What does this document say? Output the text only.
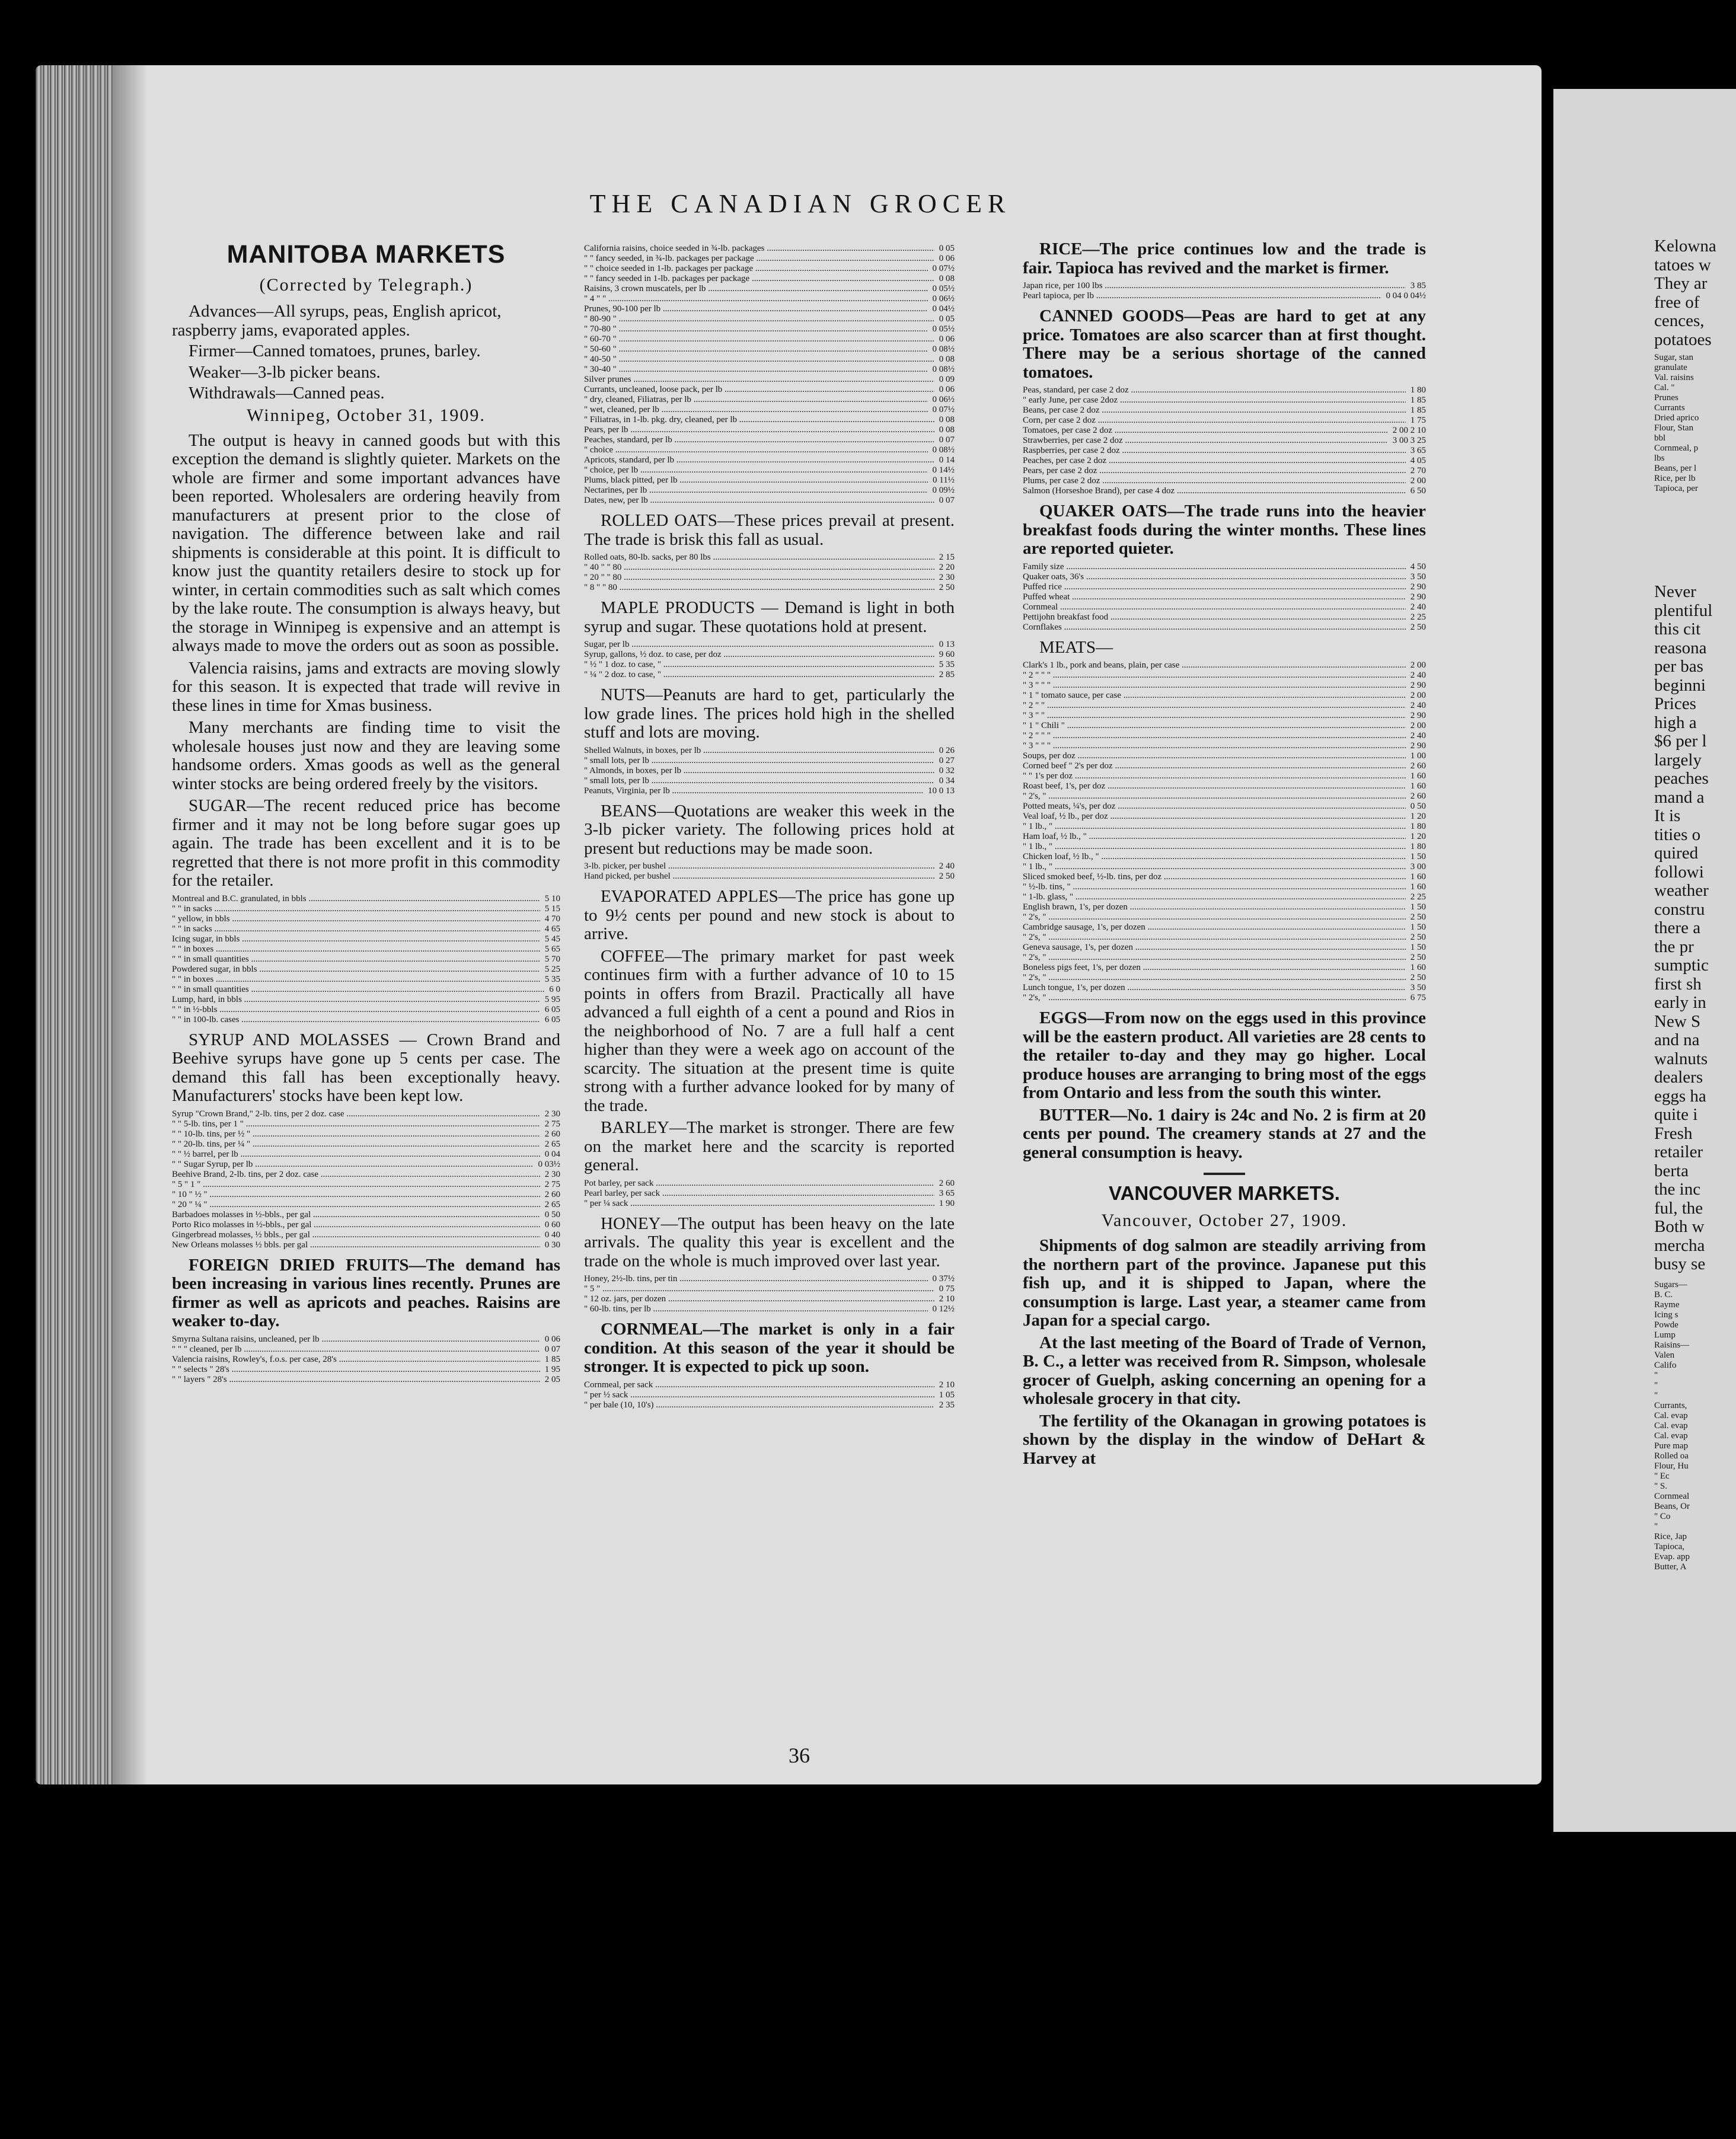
THE CANADIAN GROCER
MANITOBA MARKETS
(Corrected by Telegraph.)
Advances—All syrups, peas, English apricot, raspberry jams, evaporated apples.
Firmer—Canned tomatoes, prunes, barley.
Weaker—3-lb picker beans.
Withdrawals—Canned peas.
Winnipeg, October 31, 1909.
The output is heavy in canned goods but with this exception the demand is slightly quieter. Markets on the whole are firmer and some important advances have been reported. Wholesalers are ordering heavily from manufacturers at present prior to the close of navigation. The difference between lake and rail shipments is considerable at this point. It is difficult to know just the quantity retailers desire to stock up for winter, in certain commodities such as salt which comes by the lake route. The consumption is always heavy, but the storage in Winnipeg is expensive and an attempt is always made to move the orders out as soon as possible.
Valencia raisins, jams and extracts are moving slowly for this season. It is expected that trade will revive in these lines in time for Xmas business.
Many merchants are finding time to visit the wholesale houses just now and they are leaving some handsome orders. Xmas goods as well as the general winter stocks are being ordered freely by the visitors.
SUGAR—The recent reduced price has become firmer and it may not be long before sugar goes up again. The trade has been excellent and it is to be regretted that there is not more profit in this commodity for the retailer.
Montreal and B.C. granulated, in bbls .....	5 10
" " in sacks .....	5 15
" yellow, in bbls .....	4 70
" " in sacks .....	4 65
Icing sugar, in bbls .....	5 45
" " in boxes .....	5 65
" " in small quantities .....	5 70
Powdered sugar, in bbls .....	5 25
" " in boxes .....	5 35
" " in small quantities .....	6 0
Lump, hard, in bbls .....	5 95
" " in ½-bbls .....	6 05
" " in 100-lb. cases .....	6 05
SYRUP AND MOLASSES — Crown Brand and Beehive syrups have gone up 5 cents per case. The demand this fall has been exceptionally heavy. Manufacturers' stocks have been kept low.
Syrup "Crown Brand," 2-lb. tins, per 2 doz. case .....	2 30
" " 5-lb. tins, per 1 " .....	2 75
" " 10-lb. tins, per ½ " .....	2 60
" " 20-lb. tins, per ¼ " .....	2 65
" " ½ barrel, per lb .....	0 04
" " Sugar Syrup, per lb .....	0 03½
Beehive Brand, 2-lb. tins, per 2 doz. case .....	2 30
" 5 " 1 " .....	2 75
" 10 " ½ " .....	2 60
" 20 " ¼ " .....	2 65
Barbadoes molasses in ½-bbls., per gal .....	0 50
Porto Rico molasses in ½-bbls., per gal .....	0 60
Gingerbread molasses, ½ bbls., per gal .....	0 40
New Orleans molasses ½ bbls. per gal .....	0 30
FOREIGN DRIED FRUITS—The demand has been increasing in various lines recently. Prunes are firmer as well as apricots and peaches. Raisins are weaker to-day.
Smyrna Sultana raisins, uncleaned, per lb .....	0 06
" " " cleaned, per lb .....	0 07
Valencia raisins, Rowley's, f.o.s. per case, 28's .....	1 85
" " selects " 28's .....	1 95
" " layers " 28's .....	2 05
California raisins, choice seeded in ¾-lb. packages .....	0 05
" " fancy seeded, in ¾-lb. packages per package .....	0 06
" " choice seeded in 1-lb. packages per package .....	0 07½
" " fancy seeded in 1-lb. packages per package .....	0 08
Raisins, 3 crown muscatels, per lb .....	0 05½
" 4 " " .....	0 06½
Prunes, 90-100 per lb .....	0 04½
" 80-90 " .....	0 05
" 70-80 " .....	0 05½
" 60-70 " .....	0 06
" 50-60 " .....	0 08½
" 40-50 " .....	0 08
" 30-40 " .....	0 08½
Silver prunes .....	0 09
Currants, uncleaned, loose pack, per lb .....	0 06
" dry, cleaned, Filiatras, per lb .....	0 06½
" wet, cleaned, per lb .....	0 07½
" Filiatras, in 1-lb. pkg. dry, cleaned, per lb .....	0 08
Pears, per lb .....	0 08
Peaches, standard, per lb .....	0 07
" choice .....	0 08½
Apricots, standard, per lb .....	0 14
" choice, per lb .....	0 14½
Plums, black pitted, per lb .....	0 11½
Nectarines, per lb .....	0 09½
Dates, new, per lb .....	0 07
ROLLED OATS—These prices prevail at present. The trade is brisk this fall as usual.
Rolled oats, 80-lb. sacks, per 80 lbs .....	2 15
" 40 " " 80 .....	2 20
" 20 " " 80 .....	2 30
" 8 " " 80 .....	2 50
MAPLE PRODUCTS — Demand is light in both syrup and sugar. These quotations hold at present.
Sugar, per lb .....	0 13
Syrup, gallons, ½ doz. to case, per doz .....	9 60
" ½ " 1 doz. to case, " .....	5 35
" ¼ " 2 doz. to case, " .....	2 85
NUTS—Peanuts are hard to get, particularly the low grade lines. The prices hold high in the shelled stuff and lots are moving.
Shelled Walnuts, in boxes, per lb .....	0 26
" small lots, per lb .....	0 27
" Almonds, in boxes, per lb .....	0 32
" small lots, per lb .....	0 34
Peanuts, Virginia, per lb .....	10 0 13
BEANS—Quotations are weaker this week in the 3-lb picker variety. The following prices hold at present but reductions may be made soon.
3-lb. picker, per bushel .....	2 40
Hand picked, per bushel .....	2 50
EVAPORATED APPLES—The price has gone up to 9½ cents per pound and new stock is about to arrive.
COFFEE—The primary market for past week continues firm with a further advance of 10 to 15 points in offers from Brazil. Practically all have advanced a full eighth of a cent a pound and Rios in the neighborhood of No. 7 are a full half a cent higher than they were a week ago on account of the scarcity. The situation at the present time is quite strong with a further advance looked for by many of the trade.
BARLEY—The market is stronger. There are few on the market here and the scarcity is reported general.
Pot barley, per sack .....	2 60
Pearl barley, per sack .....	3 65
" per ¼ sack .....	1 90
HONEY—The output has been heavy on the late arrivals. The quality this year is excellent and the trade on the whole is much improved over last year.
Honey, 2½-lb. tins, per tin .....	0 37½
" 5 " .....	0 75
" 12 oz. jars, per dozen .....	2 10
" 60-lb. tins, per lb .....	0 12½
CORNMEAL—The market is only in a fair condition. At this season of the year it should be stronger. It is expected to pick up soon.
Cornmeal, per sack .....	2 10
" per ½ sack .....	1 05
" per bale (10, 10's) .....	2 35
RICE—The price continues low and the trade is fair. Tapioca has revived and the market is firmer.
Japan rice, per 100 lbs .....	3 85
Pearl tapioca, per lb .....	0 04 0 04½
CANNED GOODS—Peas are hard to get at any price. Tomatoes are also scarcer than at first thought. There may be a serious shortage of the canned tomatoes.
Peas, standard, per case 2 doz .....	1 80
" early June, per case 2doz .....	1 85
Beans, per case 2 doz .....	1 85
Corn, per case 2 doz .....	1 75
Tomatoes, per case 2 doz .....	2 00 2 10
Strawberries, per case 2 doz .....	3 00 3 25
Raspberries, per case 2 doz .....	3 65
Peaches, per case 2 doz .....	4 05
Pears, per case 2 doz .....	2 70
Plums, per case 2 doz .....	2 00
Salmon (Horseshoe Brand), per case 4 doz .....	6 50
QUAKER OATS—The trade runs into the heavier breakfast foods during the winter months. These lines are reported quieter.
Family size .....	4 50
Quaker oats, 36's .....	3 50
Puffed rice .....	2 90
Puffed wheat .....	2 90
Cornmeal .....	2 40
Pettijohn breakfast food .....	2 25
Cornflakes .....	2 50
MEATS—
Clark's 1 lb., pork and beans, plain, per case .....	2 00
" 2 " " " .....	2 40
" 3 " " " .....	2 90
" 1 " tomato sauce, per case .....	2 00
" 2 " " .....	2 40
" 3 " " .....	2 90
" 1 " Chili " .....	2 00
" 2 " " " .....	2 40
" 3 " " " .....	2 90
Soups, per doz .....	1 00
Corned beef " 2's per doz .....	2 60
" " 1's per doz .....	1 60
Roast beef, 1's, per doz .....	1 60
" 2's, " .....	2 60
Potted meats, ¼'s, per doz .....	0 50
Veal loaf, ½ lb., per doz .....	1 20
" 1 lb., " .....	1 80
Ham loaf, ½ lb., " .....	1 20
" 1 lb., " .....	1 80
Chicken loaf, ½ lb., " .....	1 50
" 1 lb., " .....	3 00
Sliced smoked beef, ½-lb. tins, per doz .....	1 60
" ½-lb. tins, " .....	1 60
" 1-lb. glass, " .....	2 25
English brawn, 1's, per dozen .....	1 50
" 2's, " .....	2 50
Cambridge sausage, 1's, per dozen .....	1 50
" 2's, " .....	2 50
Geneva sausage, 1's, per dozen .....	1 50
" 2's, " .....	2 50
Boneless pigs feet, 1's, per dozen .....	1 60
" 2's, " .....	2 50
Lunch tongue, 1's, per dozen .....	3 50
" 2's, " .....	6 75
EGGS—From now on the eggs used in this province will be the eastern product. All varieties are 28 cents to the retailer to-day and they may go higher. Local produce houses are arranging to bring most of the eggs from Ontario and less from the south this winter.
BUTTER—No. 1 dairy is 24c and No. 2 is firm at 20 cents per pound. The creamery stands at 27 and the general consumption is heavy.
VANCOUVER MARKETS.
Vancouver, October 27, 1909.
Shipments of dog salmon are steadily arriving from the northern part of the province. Japanese put this fish up, and it is shipped to Japan, where the consumption is large. Last year, a steamer came from Japan for a special cargo.
At the last meeting of the Board of Trade of Vernon, B. C., a letter was received from R. Simpson, wholesale grocer of Guelph, asking concerning an opening for a wholesale grocery in that city.
The fertility of the Okanagan in growing potatoes is shown by the display in the window of DeHart & Harvey at
36
Kelowna
tatoes w
They ar
free of
cences,
potatoes
Sugar, stan
granulate
Val. raisins
Cal. "
Prunes
Currants
Dried aprico
Flour, Stan
bbl
Cornmeal, p
lbs
Beans, per l
Rice, per lb
Tapioca, per
Never
plentiful
this cit
reasona
per bas
beginni
Prices
high a
$6 per l
largely
peaches
mand a
It is
tities o
quired
followi
weather
constru
there a
the pr
sumptic
first sh
early in
New S
and na
walnuts
dealers
eggs ha
quite i
Fresh
retailer
berta
the inc
ful, the
Both w
mercha
busy se
Sugars—
B. C.
Rayme
Icing s
Powde
Lump
Raisins—
Valen
Califo
"
"
"
Currants,
Cal. evap
Cal. evap
Cal. evap
Pure map
Rolled oa
Flour, Hu
" Ec
" S.
Cornmeal
Beans, Or
" Co
"
Rice, Jap
Tapioca,
Evap. app
Butter, A
